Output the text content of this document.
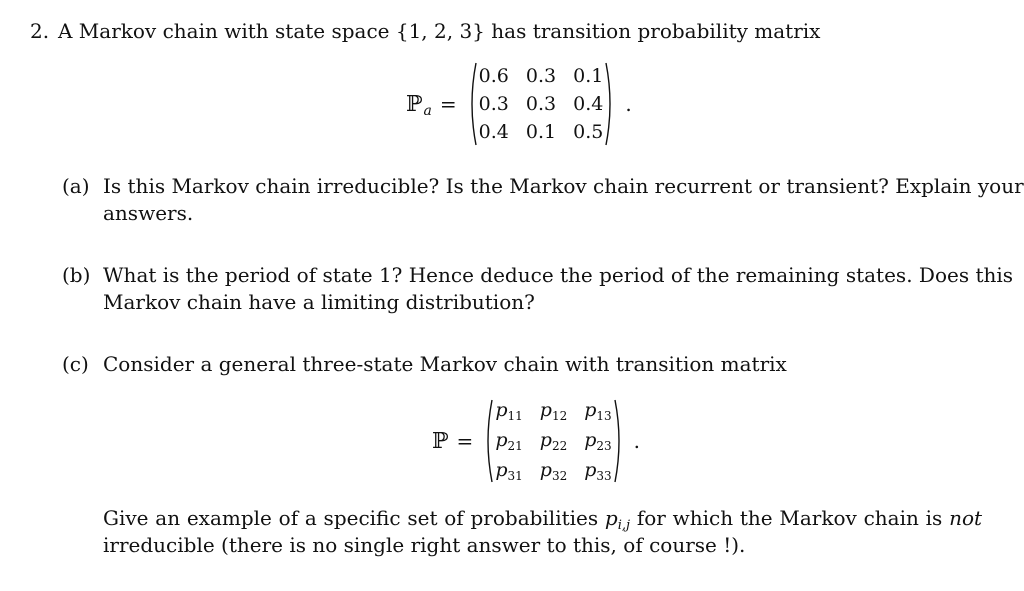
2. A Markov chain with state space {1, 2, 3} has transition probability matrix
ℙ a =
0.6 0.3 0.1
0.3 0.3 0.4
0.4 0.1 0.5
.
(a) Is this Markov chain irreducible? Is the Markov chain recurrent or transient? Explain your
answers.
(b) What is the period of state 1? Hence deduce the period of the remaining states. Does this
Markov chain have a limiting distribution?
(c) Consider a general three-state Markov chain with transition matrix
ℙ =
$p_{11}$ $p_{12}$ $p_{13}$
$p_{21}$ $p_{22}$ $p_{23}$
$p_{31}$ $p_{32}$ $p_{33}$
.
Give an example of a specific set of probabilities $p_{i,j}$ for which the Markov chain is not
irreducible (there is no single right answer to this, of course !).
